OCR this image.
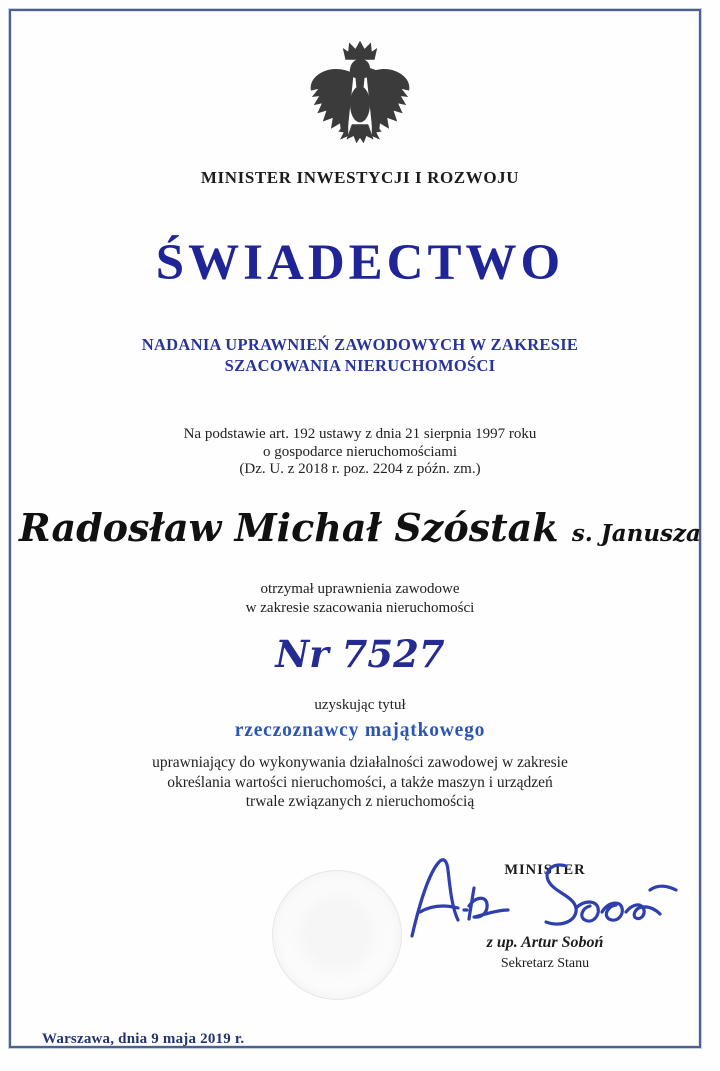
MINISTER INWESTYCJI I ROZWOJU
ŚWIADECTWO
NADANIA UPRAWNIEŃ ZAWODOWYCH W ZAKRESIE
SZACOWANIA NIERUCHOMOŚCI
Na podstawie art. 192 ustawy z dnia 21 sierpnia 1997 roku
o gospodarce nieruchomościami
(Dz. U. z 2018 r. poz. 2204 z późn. zm.)
Radosław Michał Szóstak s. Janusza
otrzymał uprawnienia zawodowe
w zakresie szacowania nieruchomości
Nr 7527
uzyskując tytuł
rzeczoznawcy majątkowego
uprawniający do wykonywania działalności zawodowej w zakresie
określania wartości nieruchomości, a także maszyn i urządzeń
trwale związanych z nieruchomością
MINISTER
z up. Artur Soboń
Sekretarz Stanu
Warszawa, dnia 9 maja 2019 r.
